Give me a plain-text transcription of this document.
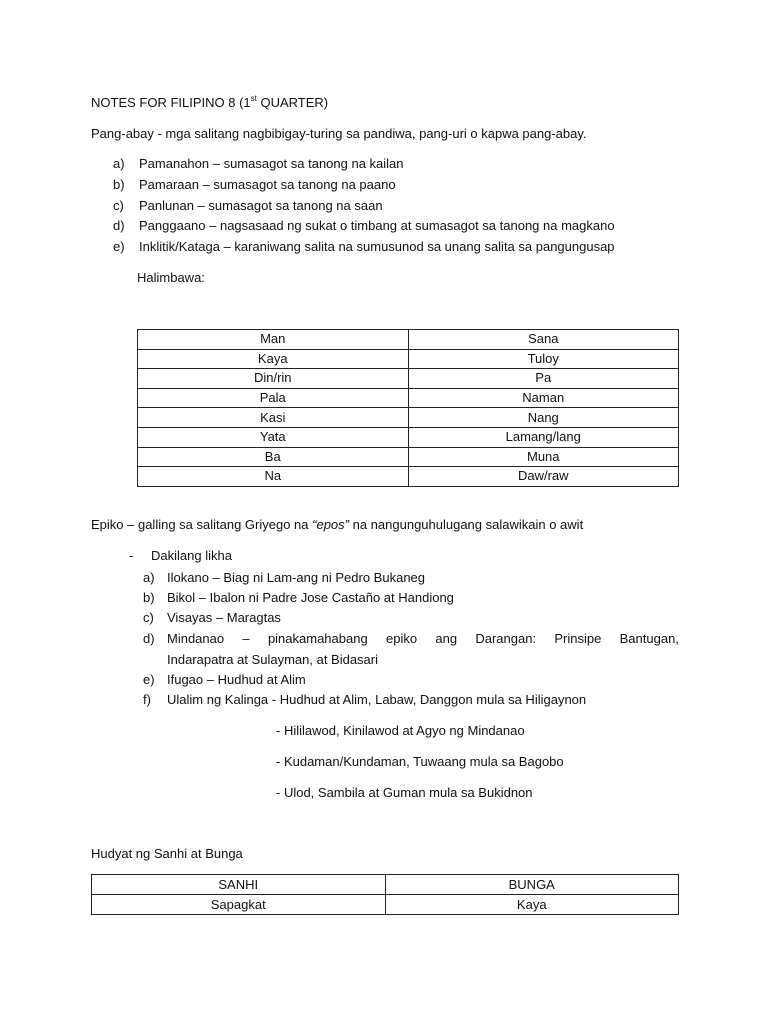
NOTES FOR FILIPINO 8 (1st QUARTER)
Pang-abay - mga salitang nagbibigay-turing sa pandiwa, pang-uri o kapwa pang-abay.
a) Pamanahon – sumasagot sa tanong na kailan
b) Pamaraan – sumasagot sa tanong na paano
c) Panlunan – sumasagot sa tanong na saan
d) Panggaano – nagsasaad ng sukat o timbang at sumasagot sa tanong na magkano
e) Inklitik/Kataga – karaniwang salita na sumusunod sa unang salita sa pangungusap
Halimbawa:
Man	Sana
Kaya	Tuloy
Din/rin	Pa
Pala	Naman
Kasi	Nang
Yata	Lamang/lang
Ba	Muna
Na	Daw/raw
Epiko – galling sa salitang Griyego na “epos” na nangunguhulugang salawikain o awit
- Dakilang likha
a) Ilokano – Biag ni Lam-ang ni Pedro Bukaneg
b) Bikol – Ibalon ni Padre Jose Castaño at Handiong
c) Visayas – Maragtas
d) Mindanao – pinakamahabang epiko ang Darangan: Prinsipe Bantugan,
Indarapatra at Sulayman, at Bidasari
e) Ifugao – Hudhud at Alim
f) Ulalim ng Kalinga - Hudhud at Alim, Labaw, Danggon mula sa Hiligaynon
- Hililawod, Kinilawod at Agyo ng Mindanao
- Kudaman/Kundaman, Tuwaang mula sa Bagobo
- Ulod, Sambila at Guman mula sa Bukidnon
Hudyat ng Sanhi at Bunga
SANHI	BUNGA
Sapagkat	Kaya
